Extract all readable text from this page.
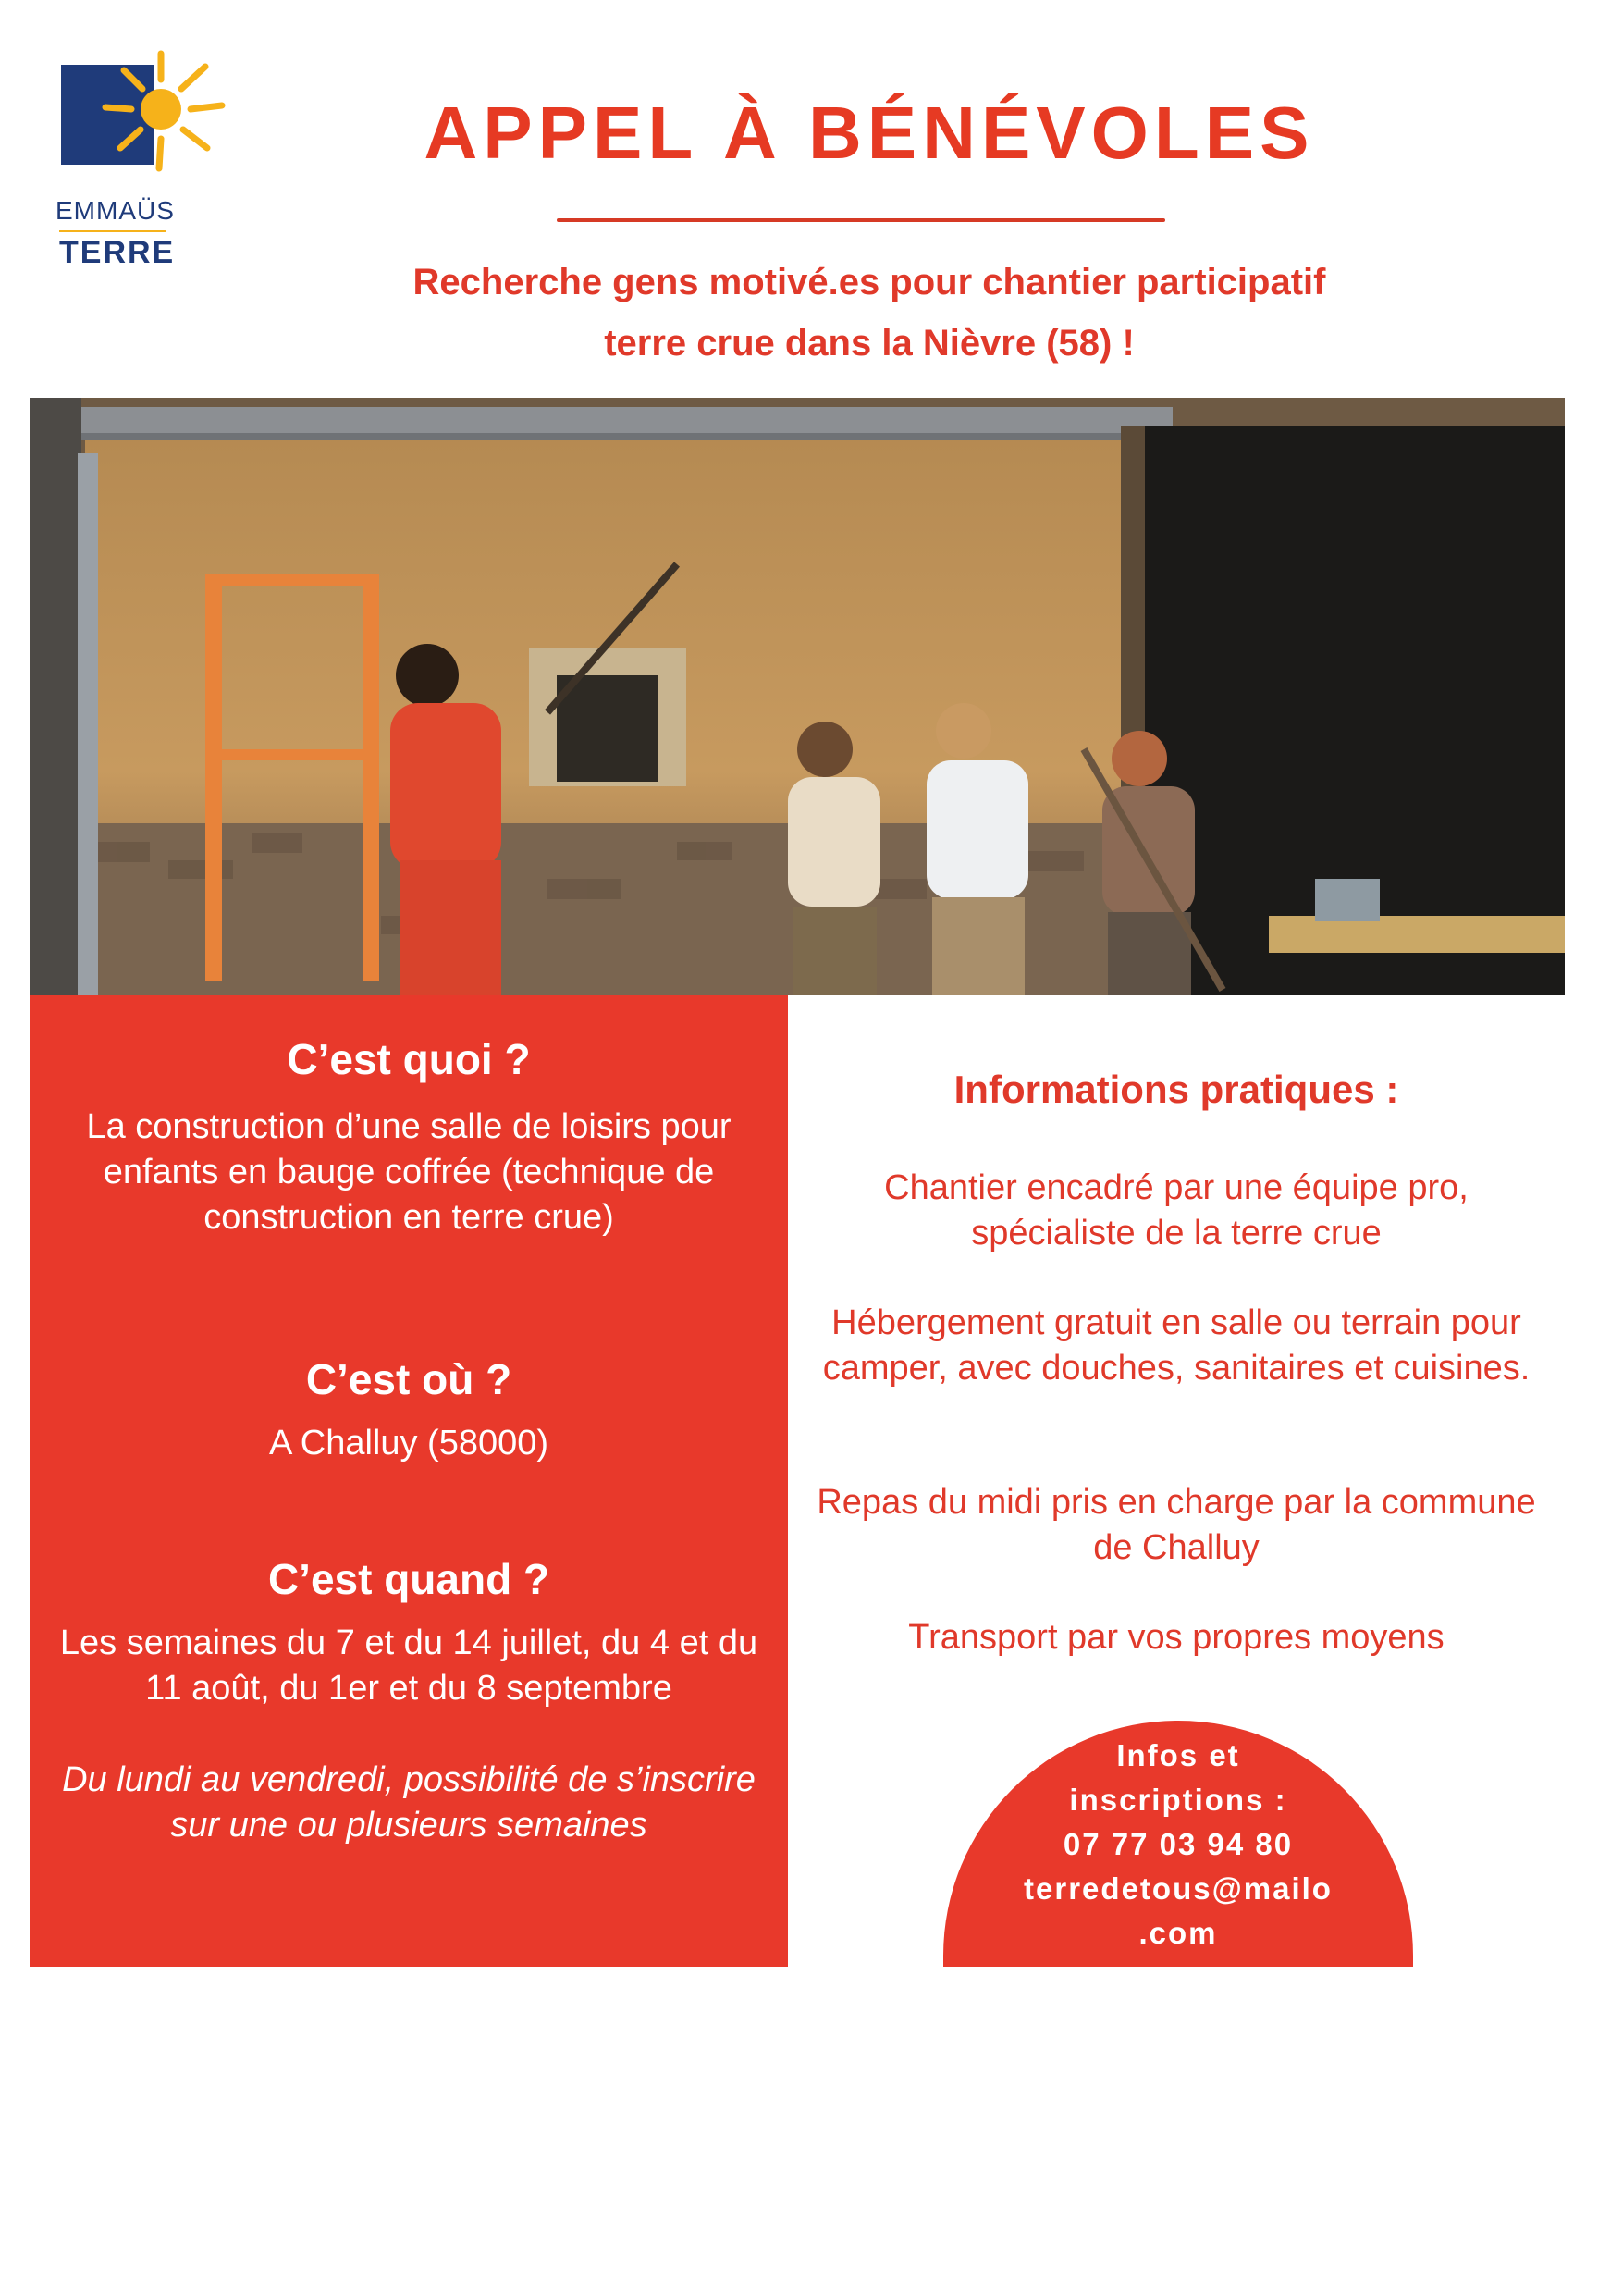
EMMAÜS
TERRE
APPEL À BÉNÉVOLES
Recherche gens motivé.es pour chantier participatif
terre crue dans la Nièvre (58) !
C’est quoi ?
La construction d’une salle de loisirs pour enfants en bauge coffrée (technique de construction en terre crue)
C’est où ?
A Challuy (58000)
C’est quand ?
Les semaines du 7 et du 14 juillet, du 4 et du 11 août, du 1er et du 8 septembre
Du lundi au vendredi, possibilité de s’inscrire sur une ou plusieurs semaines
Informations pratiques :
Chantier encadré par une équipe pro, spécialiste de la terre crue
Hébergement gratuit en salle ou terrain pour camper, avec douches, sanitaires et cuisines.
Repas du midi pris en charge par la commune de Challuy
Transport par vos propres moyens
Infos et
inscriptions :
07 77 03 94 80
terredetous@mailo
.com
